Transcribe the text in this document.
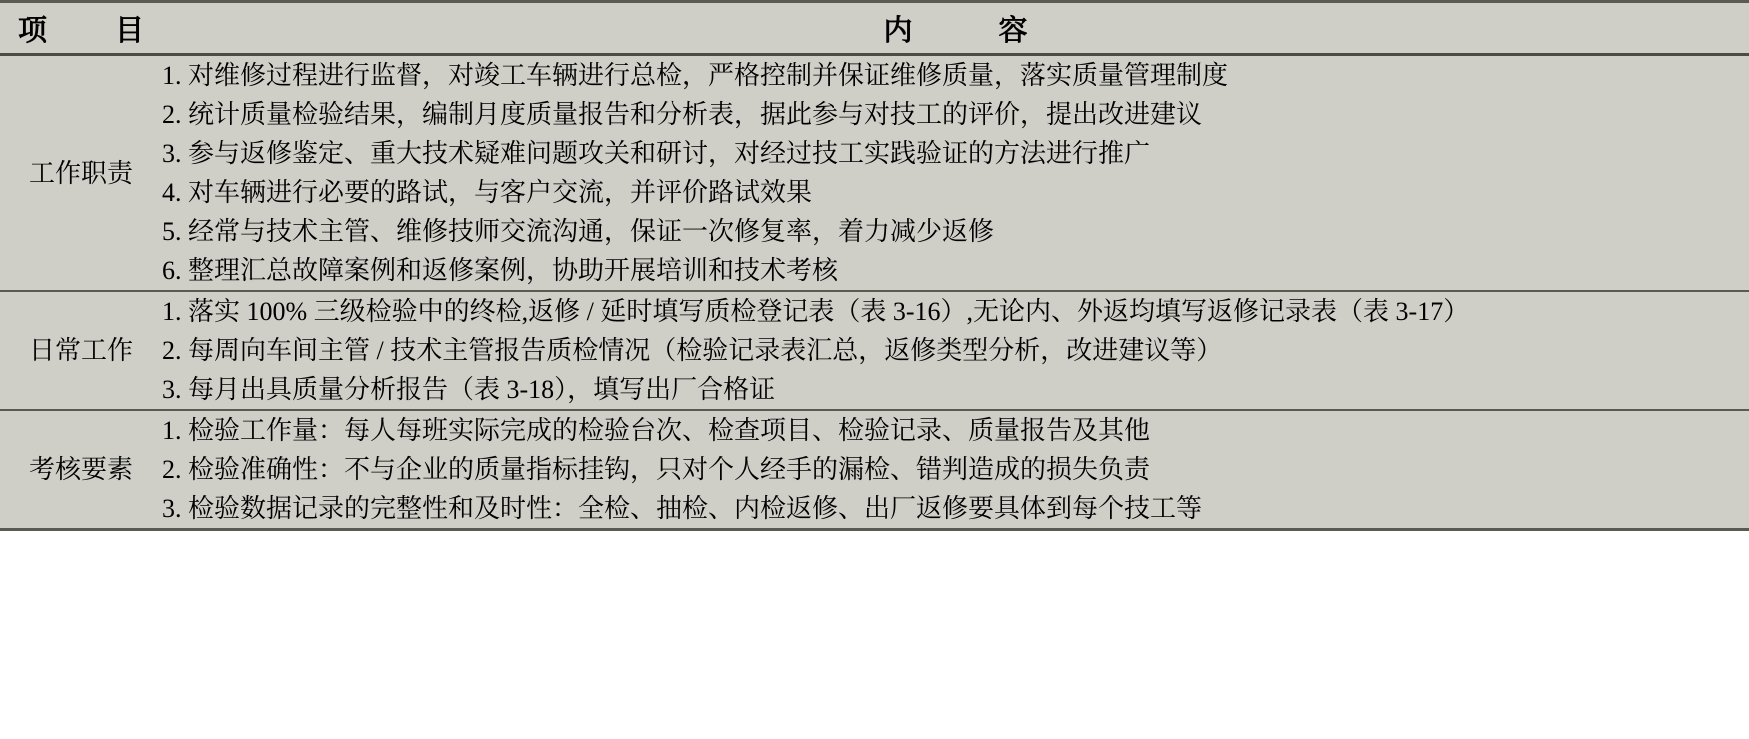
项 目	内 容

工作职责	
1. 对维修过程进行监督，对竣工车辆进行总检，严格控制并保证维修质量，落实质量管理制度
2. 统计质量检验结果，编制月度质量报告和分析表，据此参与对技工的评价，提出改进建议
3. 参与返修鉴定、重大技术疑难问题攻关和研讨，对经过技工实践验证的方法进行推广
4. 对车辆进行必要的路试，与客户交流，并评价路试效果
5. 经常与技术主管、维修技师交流沟通，保证一次修复率，着力减少返修
6. 整理汇总故障案例和返修案例，协助开展培训和技术考核

日常工作	
1. 落实 100% 三级检验中的终检,返修 / 延时填写质检登记表（表 3-16）,无论内、外返均填写返修记录表（表 3-17）
2. 每周向车间主管 / 技术主管报告质检情况（检验记录表汇总，返修类型分析，改进建议等）
3. 每月出具质量分析报告（表 3-18），填写出厂合格证

考核要素	
1. 检验工作量：每人每班实际完成的检验台次、检查项目、检验记录、质量报告及其他
2. 检验准确性：不与企业的质量指标挂钩，只对个人经手的漏检、错判造成的损失负责
3. 检验数据记录的完整性和及时性：全检、抽检、内检返修、出厂返修要具体到每个技工等
